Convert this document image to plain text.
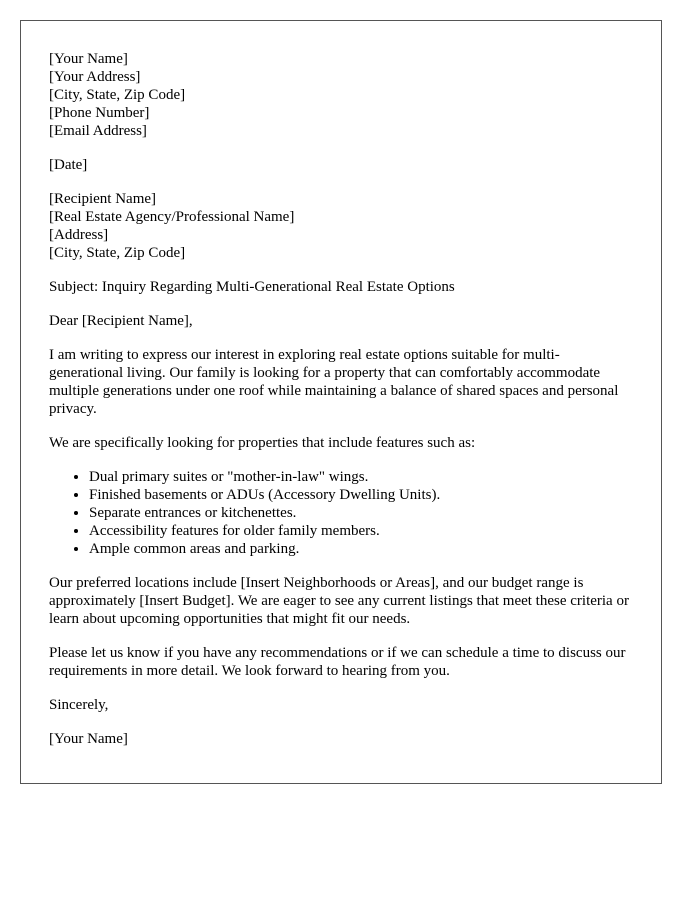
[Your Name]
[Your Address]
[City, State, Zip Code]
[Phone Number]
[Email Address]
[Date]
[Recipient Name]
[Real Estate Agency/Professional Name]
[Address]
[City, State, Zip Code]

Subject: Inquiry Regarding Multi-Generational Real Estate Options

Dear [Recipient Name],

I am writing to express our interest in exploring real estate options suitable for multi-generational living. Our family is looking for a property that can comfortably accommodate multiple generations under one roof while maintaining a balance of shared spaces and personal privacy.

We are specifically looking for properties that include features such as:

• Dual primary suites or "mother-in-law" wings.
• Finished basements or ADUs (Accessory Dwelling Units).
• Separate entrances or kitchenettes.
• Accessibility features for older family members.
• Ample common areas and parking.

Our preferred locations include [Insert Neighborhoods or Areas], and our budget range is approximately [Insert Budget]. We are eager to see any current listings that meet these criteria or learn about upcoming opportunities that might fit our needs.

Please let us know if you have any recommendations or if we can schedule a time to discuss our requirements in more detail. We look forward to hearing from you.

Sincerely,

[Your Name]
